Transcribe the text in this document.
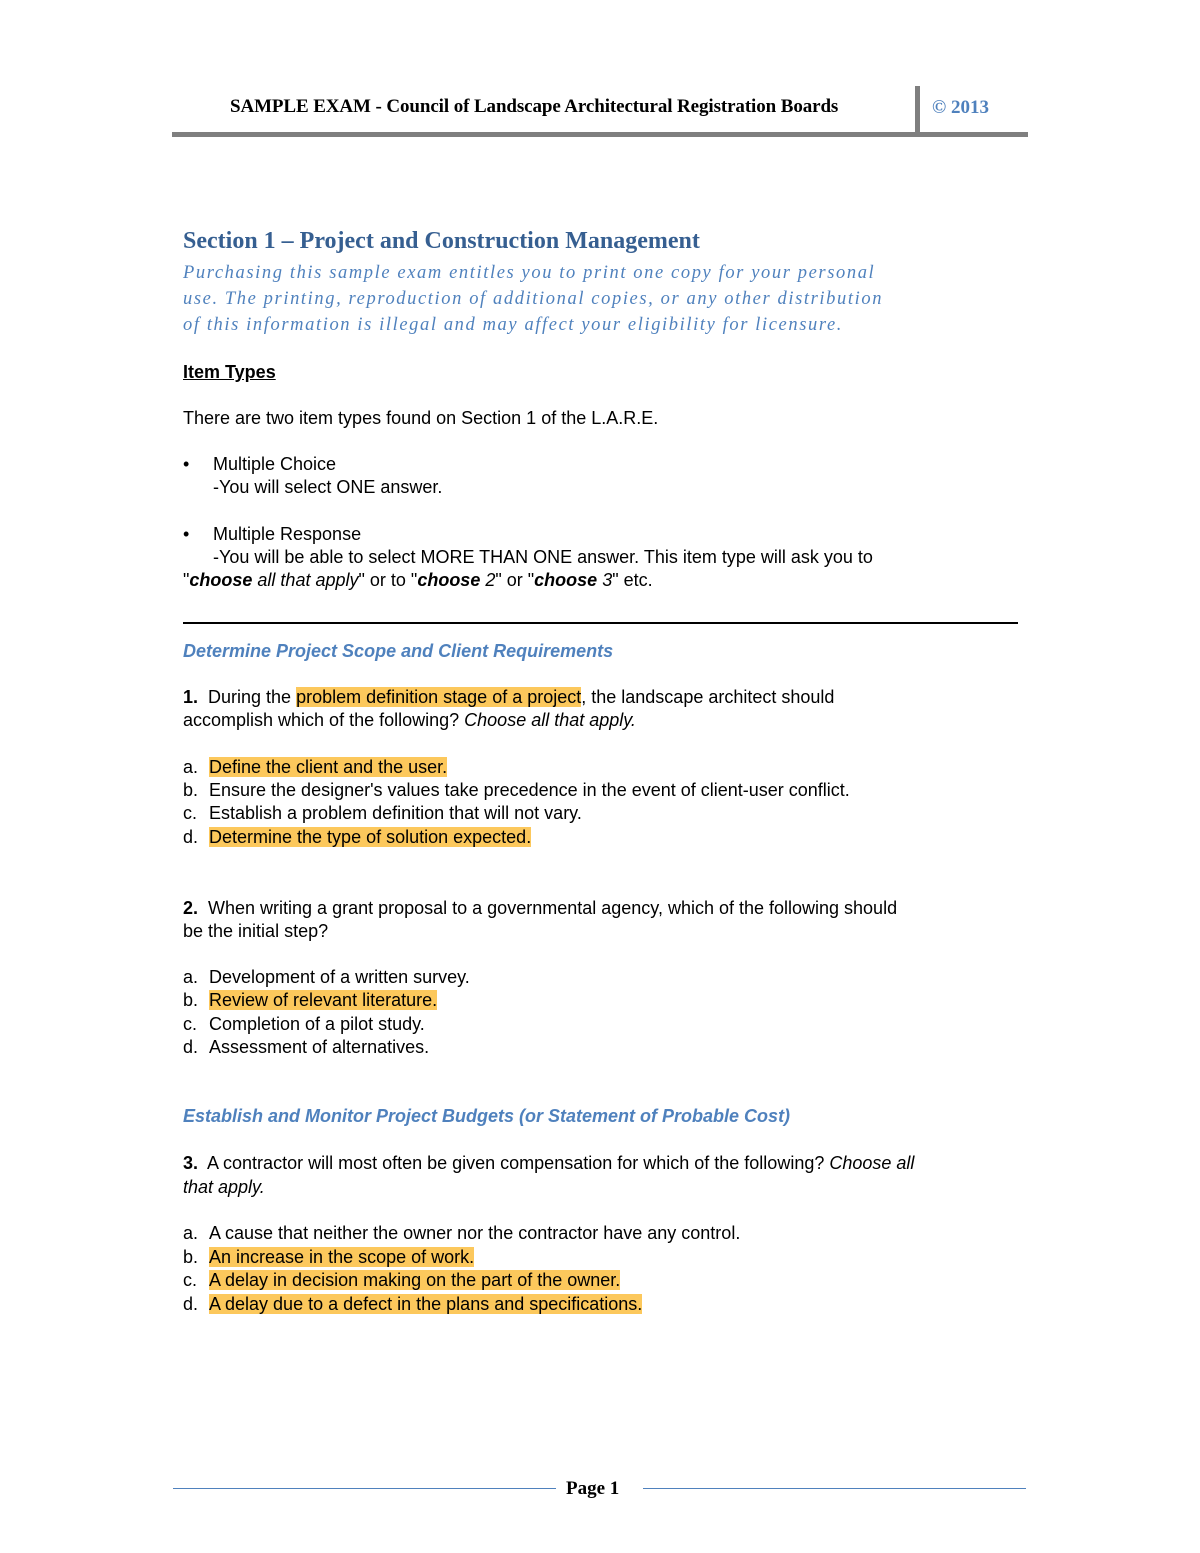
SAMPLE EXAM - Council of Landscape Architectural Registration Boards	© 2013
Section 1 – Project and Construction Management
Purchasing this sample exam entitles you to print one copy for your personal
use. The printing, reproduction of additional copies, or any other distribution
of this information is illegal and may affect your eligibility for licensure.
Item Types
There are two item types found on Section 1 of the L.A.R.E.
• Multiple Choice
-You will select ONE answer.
• Multiple Response
-You will be able to select MORE THAN ONE answer. This item type will ask you to
"choose all that apply" or to "choose 2" or "choose 3" etc.
Determine Project Scope and Client Requirements
1.  During the problem definition stage of a project, the landscape architect should
accomplish which of the following? Choose all that apply.
a. Define the client and the user.
b. Ensure the designer's values take precedence in the event of client-user conflict.
c. Establish a problem definition that will not vary.
d. Determine the type of solution expected.
2.  When writing a grant proposal to a governmental agency, which of the following should
be the initial step?
a. Development of a written survey.
b. Review of relevant literature.
c. Completion of a pilot study.
d. Assessment of alternatives.
Establish and Monitor Project Budgets (or Statement of Probable Cost)
3.  A contractor will most often be given compensation for which of the following? Choose all
that apply.
a. A cause that neither the owner nor the contractor have any control.
b. An increase in the scope of work.
c. A delay in decision making on the part of the owner.
d. A delay due to a defect in the plans and specifications.
Page 1
